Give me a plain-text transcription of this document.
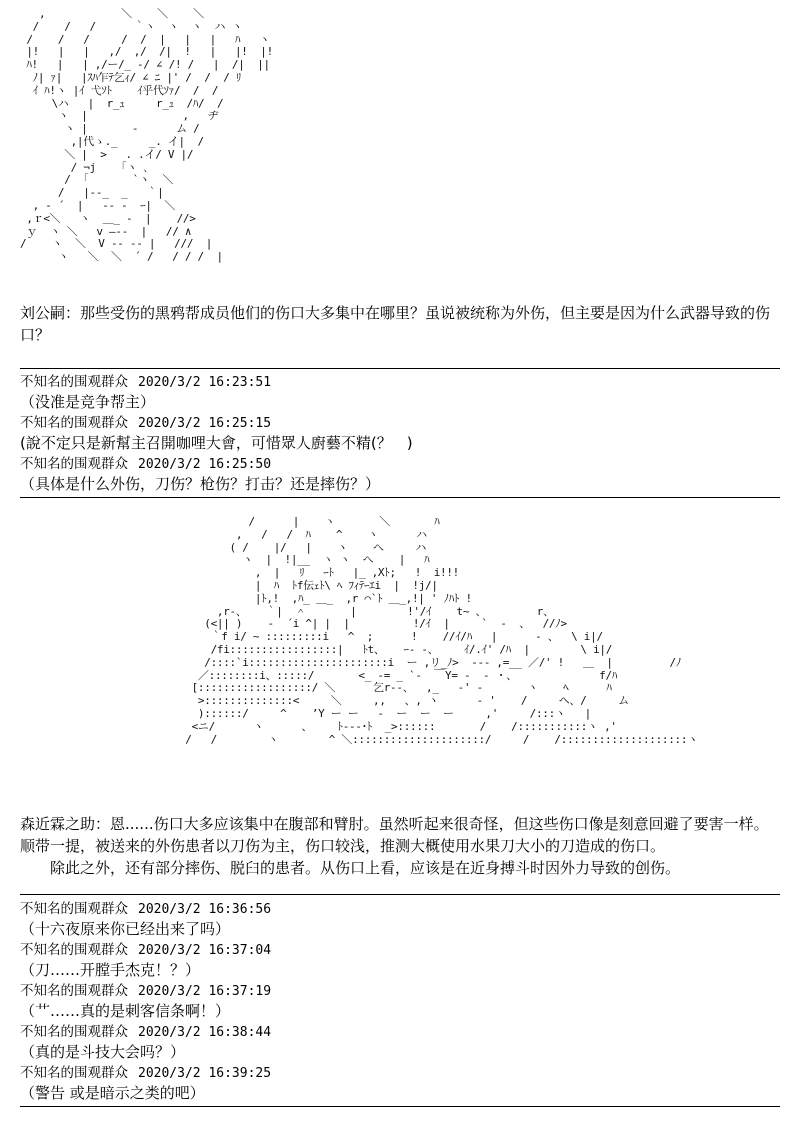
,            ＼    ＼    ＼
/    /   /      ｀ヽ  ヽ  ヽ  ハ ヽ
/    /   /     /  /  |   |   |   ﾊ   ヽ
|!   |   |   ,/  ,/  /|  !   |   |!  |!
ﾊ!   |   | ,/ー/_ -/ ∠ /! /   |  /|  ||
ﾉ| ｧ|   |ｽﾊ乍ﾃ乞ｨ/ ∠ ﾆ |' /  /  / ﾘ
ｲ ﾊ!ヽ |ｲ 弋ｿﾄ    ｲ乎代ｿｧ/  /  /
\ハ   |  r_ｭ     r_ｭ  /ﾊ/  /
ヽ  |               ,   ヂ
ヽ |       -      ム /
,|代ゝ._     _. イ|  /
＼ |  >   . .イ/ V |/
/ ¬j    ｢ヽ ､
/  ｢       `ヽ  ＼
/   |--_  _   ｀|
, ‐ ´  |   -- ‐  ｰ|  ＼
,ｒ<＼   ヽ  ＿_ -  |    //>
ｙ  ヽ ＼   v ―--  |   // ∧
/    ヽ  ＼  V -- -- |   ///  |
ヽ   ＼  ＼  ´ /   / / /  |

刘公嗣：那些受伤的黑鸦帮成员他们的伤口大多集中在哪里？虽说被统称为外伤，但主要是因为什么武器导致的伤口？

不知名的围观群众 2020/3/2 16:23:51
（没准是竞争帮主）
不知名的围观群众 2020/3/2 16:25:15
(說不定只是新幫主召開咖哩大會，可惜眾人廚藝不精(？　)
不知名的围观群众 2020/3/2 16:25:50
（具体是什么外伤，刀伤？枪伤？打击？还是摔伤？）
/      |    ヽ       ＼       ﾊ
,   /   /  ﾊ    ^    ヽ      ハ
( /    |/   |    ヽ    へ     ハ
ヽ  |  !|__  ヽ ヽ  へ    |   ﾊ
,  |   ﾘ   ｰﾄ   |_ ,Xﾄ;   !  i!!!
|  ﾊ  ﾄf伝ｪﾄ\ ﾍ ﾌｨﾃｰｴi  |  !j/|
|ﾄ,!  ,ﾊ_ ＿_  ,r ⌒`ﾄ ＿_,!| ' ﾉﾊﾄ !
,r-、   ｀|  ＾       |        !'/ｲ    t~ 、        r、
(<|| )    -  ´i ^| |  |          !/ｲ  |     `  -  、  //ﾉ>
｀f i/ ~ :::::::::i   ^  ;      !    //ｲ/ﾊ   |      - 、  \ i|/
/fi:::::::::::::::::|   ﾄt、   ｰ- ‐、    ｲ/.ｲ' /ﾊ  |        \ i|/
/::::`i::::::::::::::::::::::i  ー ,リ_ﾉ>  --- ,=__ ／/' !   ＿  |         /ﾉ
／::::::::i、:::::/       <_ -= _ `-  ￣Y= ‐  ‐ ・、             f/ﾊ
[::::::::::::::::::/ ＼      乞r--、  ,_   ‐' ‐       ヽ    ﾍ      ﾊ
>::::::::::::::<     ＼     ,,   、, ヽ      ‐ '    /     ヘ、/     ム
)::::::/     ^    ’Y ー ー   ‐  ー  ー  ー     ,'     /:::ヽ   |
<ニ/      ヽ      、    ﾄ---･ﾄ  _>::::::       /    /:::::::::::ヽ ,'
/   /        ヽ        ^ ＼:::::::::::::::::::::/     /    /::::::::::::::::::::ヽ

森近霖之助：恩......伤口大多应该集中在腹部和臂肘。虽然听起来很奇怪，但这些伤口像是刻意回避了要害一样。顺带一提，被送来的外伤患者以刀伤为主，伤口较浅，推测大概使用水果刀大小的刀造成的伤口。
　　除此之外，还有部分摔伤、脱臼的患者。从伤口上看，应该是在近身搏斗时因外力导致的创伤。

不知名的围观群众 2020/3/2 16:36:56
（十六夜原来你已经出来了吗）
不知名的围观群众 2020/3/2 16:37:04
（刀……开膛手杰克！？）
不知名的围观群众 2020/3/2 16:37:19
（艹……真的是刺客信条啊！）
不知名的围观群众 2020/3/2 16:38:44
（真的是斗技大会吗？）
不知名的围观群众 2020/3/2 16:39:25
（警告 或是暗示之类的吧）
